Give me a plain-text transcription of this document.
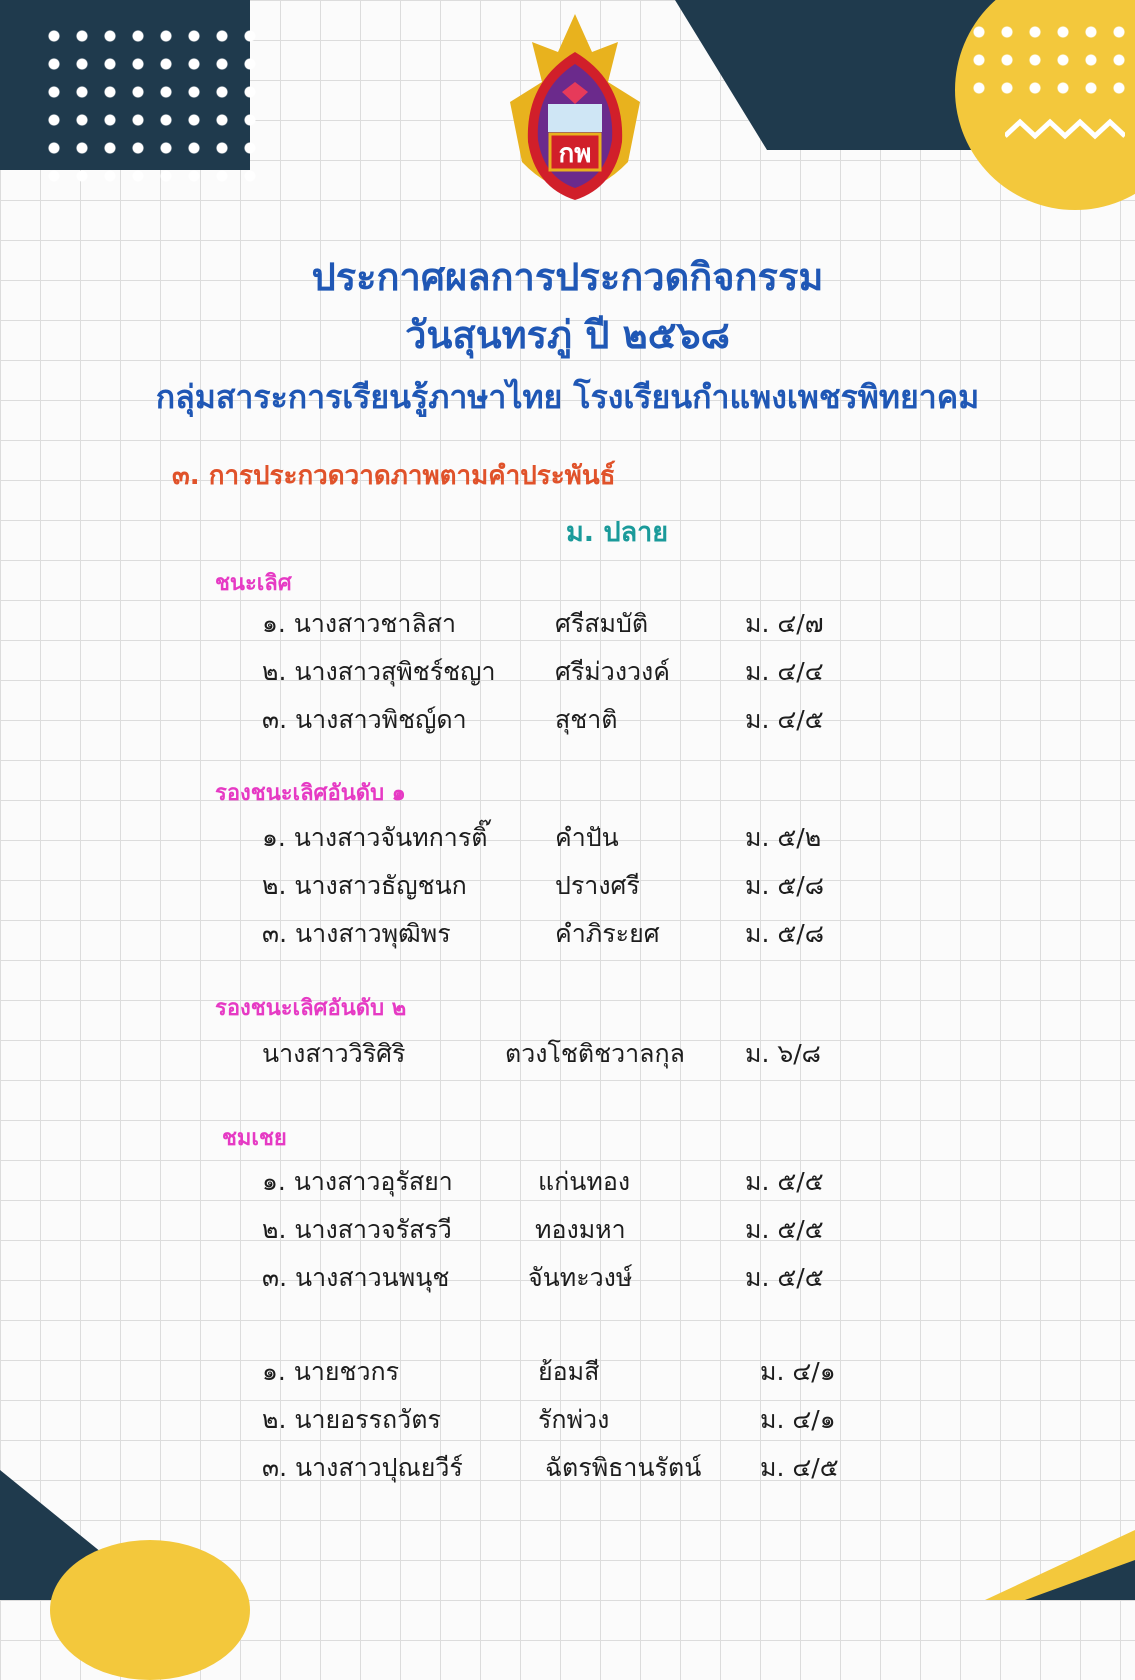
กพ
ประกาศผลการประกวดกิจกรรม
วันสุนทรภู่ ปี ๒๕๖๘
กลุ่มสาระการเรียนรู้ภาษาไทย โรงเรียนกำแพงเพชรพิทยาคม
๓. การประกวดวาดภาพตามคำประพันธ์
ม. ปลาย
ชนะเลิศ
๑. นางสาวชาลิสา	ศรีสมบัติ	ม. ๔/๗
๒. นางสาวสุพิชร์ชญา ศรีม่วงวงค์	ม. ๔/๔
๓. นางสาวพิชญ์ดา	สุชาติ	ม. ๔/๕
รองชนะเลิศอันดับ ๑
๑. นางสาวจันทการติ๊	คำปัน	ม. ๕/๒
๒. นางสาวธัญชนก	ปรางศรี	ม. ๕/๘
๓. นางสาวพุฒิพร	คำภิระยศ	ม. ๕/๘
รองชนะเลิศอันดับ ๒
นางสาววิริศิริ	ตวงโชติชวาลกุล ม. ๖/๘
ชมเชย
๑. นางสาวอุรัสยา	แก่นทอง	ม. ๕/๕
๒. นางสาวจรัสรวี	ทองมหา	ม. ๕/๕
๓. นางสาวนพนุช	จันทะวงษ์	ม. ๕/๕
๑. นายชวกร	ย้อมสี	ม. ๔/๑
๒. นายอรรถวัตร	รักพ่วง	ม. ๔/๑
๓. นางสาวปุณยวีร์	ฉัตรพิธานรัตน์ ม. ๔/๕
